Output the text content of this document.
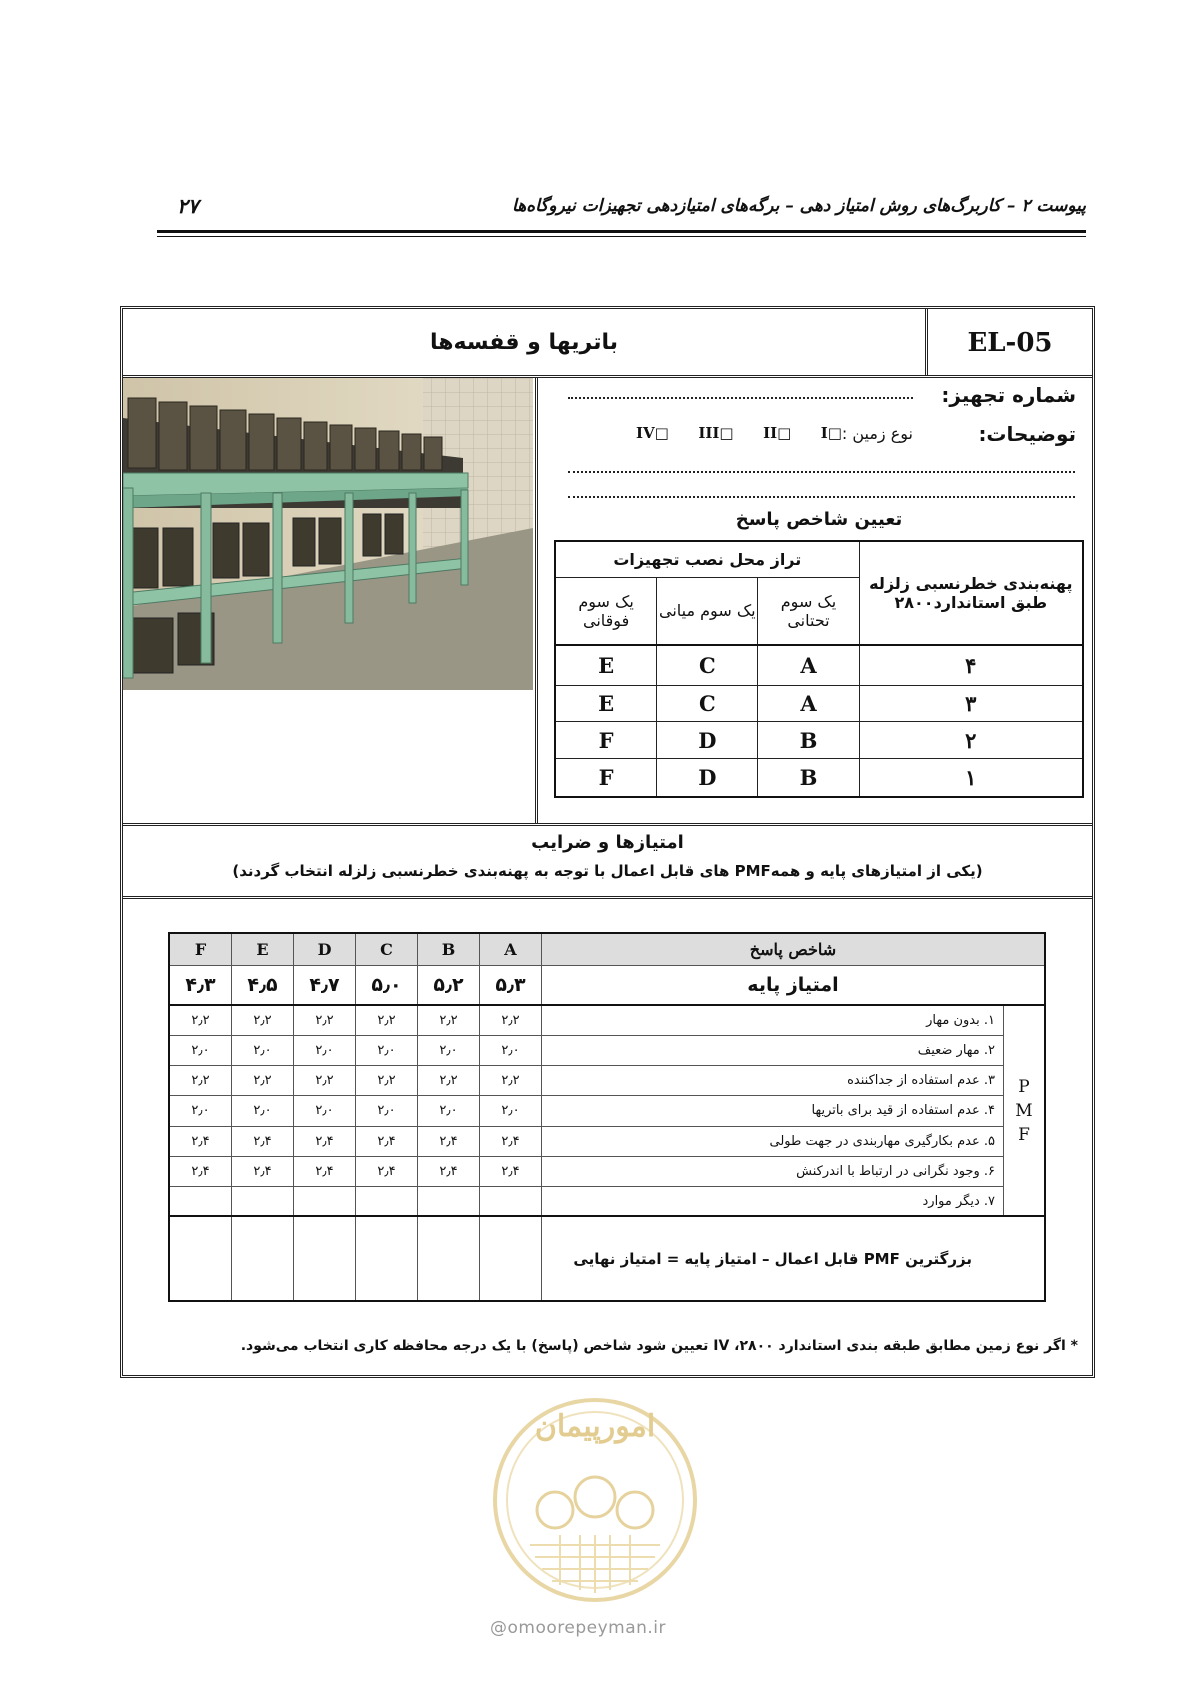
پیوست ۲ – کاربرگ‌های روش امتیاز دهی – برگه‌های امتیازدهی تجهیزات نیروگاه‌ها
۲۷
EL-05
باتریها و قفسه‌ها
شماره تجهیز:
توضیحات:
نوع زمین :
I□
II□
III□
IV□
تعیین شاخص پاسخ
پهنه‌بندی خطرنسبی زلزله طبق استاندارد۲۸۰۰	تراز محل نصب تجهیزات		
	یک سوم تحتانی	یک سوم میانی	یک سوم فوقانی
۴	A	C	E
۳	A	C	E
۲	B	D	F
۱	B	D	F
امتیازها و ضرایب
(یکی از امتیازهای پایه و همهPMF های قابل اعمال با توجه به پهنه‌بندی خطرنسبی زلزله انتخاب گردند)
شاخص پاسخ		A	B	C	D	E	F
امتیاز پایه		۵٫۳	۵٫۲	۵٫۰	۴٫۷	۴٫۵	۴٫۳

P
M
F	۱. بدون مهار	۲٫۲	۲٫۲	۲٫۲	۲٫۲	۲٫۲	۲٫۲
	۲. مهار ضعیف	۲٫۰	۲٫۰	۲٫۰	۲٫۰	۲٫۰	۲٫۰
	۳. عدم استفاده از جداکننده	۲٫۲	۲٫۲	۲٫۲	۲٫۲	۲٫۲	۲٫۲
	۴. عدم استفاده از قید برای باتریها	۲٫۰	۲٫۰	۲٫۰	۲٫۰	۲٫۰	۲٫۰
	۵. عدم بکارگیری مهاربندی در جهت طولی	۲٫۴	۲٫۴	۲٫۴	۲٫۴	۲٫۴	۲٫۴
	۶. وجود نگرانی در ارتباط با اندرکنش	۲٫۴	۲٫۴	۲٫۴	۲٫۴	۲٫۴	۲٫۴
	۷. دیگر موارد						
بزرگترین PMF قابل اعمال – امتیاز پایه = امتیاز نهایی							
* اگر نوع زمین مطابق طبقه بندی استاندارد ۲۸۰۰، IV تعیین شود شاخص (پاسخ) با یک درجه محافظه کاری انتخاب می‌شود.
امورپیمان
@omoorepeyman.ir
